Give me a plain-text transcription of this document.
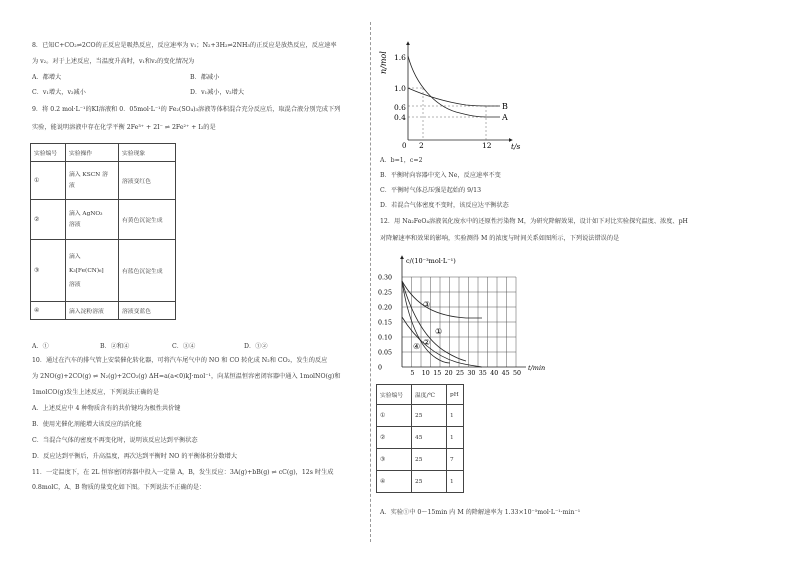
8．已知C+CO₂⇌2CO的正反应是吸热反应，反应速率为 v₁；N₂+3H₂⇌2NH₃的正反应是放热反应，反应速率
为 v₂。对于上述反应，当温度升高时，v₁和v₂的变化情况为
A．都增大	B．都减小
C．v₁增大，v₂减小	D．v₁减小，v₂增大
9．将 0.2 mol·L⁻¹的KI溶液和 0．05mol·L⁻¹的 Fe₂(SO₄)₃溶液等体积混合充分反应后，取混合液分别完成下列
实验，能说明溶液中存在化学平衡 2Fe³⁺ + 2I⁻ ⇌ 2Fe²⁺ + I₂的是
实验编号	实验操作	实验现象
①	滴入 KSCN 溶
液	溶液变红色
②	滴入 AgNO₃
溶液	有黄色沉淀生成
③	滴入
K₃[Fe(CN)₆]
溶液	有蓝色沉淀生成
④	滴入淀粉溶液	溶液变蓝色
A．①	B．②和④	C．③④	D．①②
10．通过在汽车的排气管上安装催化转化器，可将汽车尾气中的 NO 和 CO 转化成 N₂和 CO₂，发生的反应
为 2NO(g)+2CO(g) ⇌ N₂(g)+2CO₂(g) ΔH=a(a<0)kJ·mol⁻¹，向某恒温恒容密闭容器中通入 1molNO(g)和
1molCO(g)发生上述反应，下列说法正确的是
A．上述反应中 4 种物质含有的共价键均为极性共价键
B．使用光催化剂能增大该反应的活化能
C．当混合气体的密度不再变化时，说明该反应达到平衡状态
D．反应达到平衡后，升高温度，再次达到平衡时 NO 的平衡体积分数增大
11．一定温度下，在 2L 恒容密闭容器中投入一定量 A，B，发生反应：3A(g)+bB(g) ⇌ cC(g)，12s 时生成
0.8molC，A、B 物质的量变化如下图。下列说法不正确的是：
n/mol
t/s
1.6
1.0
0.6
0.4
0 2	12
B
A
A．b=1，c=2
B．平衡时向容器中充入 Ne，反应速率不变
C．平衡时气体总压强是起始的 9/13
D．若混合气体密度不变时，该反应达平衡状态
12．用 Na₂FeO₄溶液氧化废水中的还原性污染物 M，为研究降解效果，设计如下对比实验探究温度、浓度、pH
对降解速率和效果的影响，实验测得 M 的浓度与时间关系如图所示，下列说法错误的是
c/(10⁻³mol·L⁻¹)
t/min
0.30
0.25
0.20
0.15
0.10
0.05
0
5 10 15 20 25 30 35 40 45 50
③
①
②
④
实验编号	温度/℃	pH
①	25	1
②	45	1
③	25	7
④	25	1
A．实验①中 0～15min 内 M 的降解速率为 1.33×10⁻⁵mol·L⁻¹·min⁻¹
